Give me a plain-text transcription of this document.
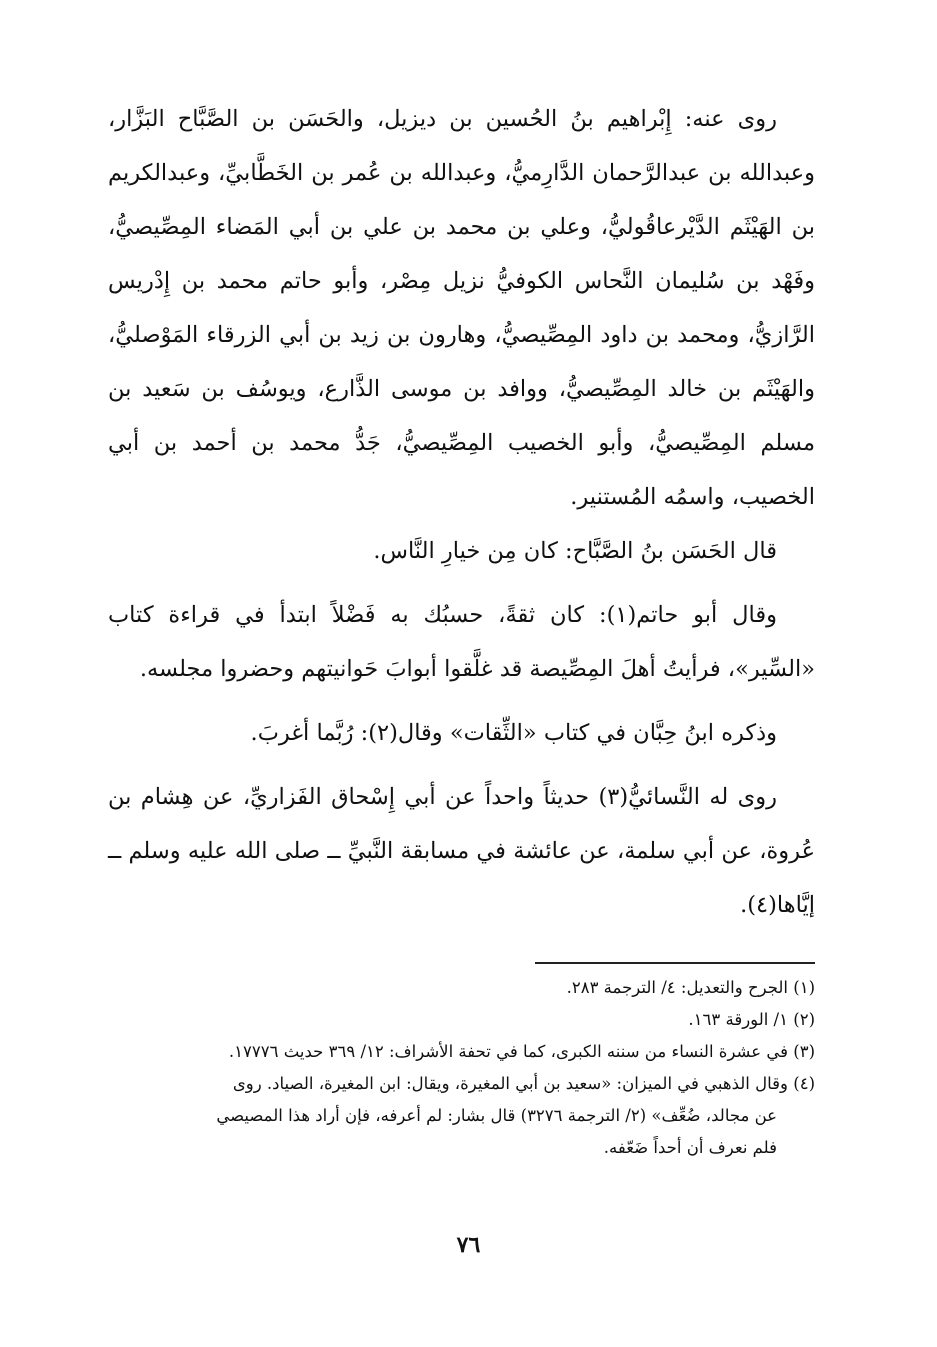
روى عنه: إِبْراهيم بنُ الحُسين بن ديزيل، والحَسَن بن الصَّبَّاح البَزَّار، وعبدالله بن عبدالرَّحمان الدَّارِميُّ، وعبدالله بن عُمر بن الخَطَّابيِّ، وعبدالكريم بن الهَيْثَم الدَّيْرعاقُوليُّ، وعلي بن محمد بن علي بن أبي المَضاء المِصِّيصيُّ، وفَهْد بن سُليمان النَّحاس الكوفيُّ نزيل مِصْر، وأبو حاتم محمد بن إِدْريس الرَّازيُّ، ومحمد بن داود المِصِّيصيُّ، وهارون بن زيد بن أبي الزرقاء المَوْصليُّ، والهَيْثَم بن خالد المِصِّيصيُّ، ووافد بن موسى الذَّارع، ويوسُف بن سَعيد بن مسلم المِصِّيصيُّ، وأبو الخصيب المِصِّيصيُّ، جَدُّ محمد بن أحمد بن أبي الخصيب، واسمُه المُستنير.

قال الحَسَن بنُ الصَّبَّاح: كان مِن خيارِ النَّاس.

وقال أبو حاتم(١): كان ثقةً، حسبُك به فَضْلاً ابتدأ في قراءة كتاب «السِّير»، فرأيتُ أهلَ المِصِّيصة قد غلَّقوا أبوابَ حَوانيتهم وحضروا مجلسه.

وذكره ابنُ حِبَّان في كتاب «الثِّقات» وقال(٢): رُبَّما أغربَ.

روى له النَّسائيُّ(٣) حديثاً واحداً عن أبي إِسْحاق الفَزاريِّ، عن هِشام بن عُروة، عن أبي سلمة، عن عائشة في مسابقة النَّبيِّ ــ صلى الله عليه وسلم ــ إيَّاها(٤).

(١) الجرح والتعديل: ٤/ الترجمة ٢٨٣.

(٢) ١/ الورقة ١٦٣.

(٣) في عشرة النساء من سننه الكبرى، كما في تحفة الأشراف: ١٢/ ٣٦٩ حديث ١٧٧٧٦.

(٤) وقال الذهبي في الميزان: «سعيد بن أبي المغيرة، ويقال: ابن المغيرة، الصياد. روى

عن مجالد، ضُعِّف» (٢/ الترجمة ٣٢٧٦) قال بشار: لم أعرفه، فإن أراد هذا المصيصي

فلم نعرف أن أحداً ضَعّفه.

٧٦
